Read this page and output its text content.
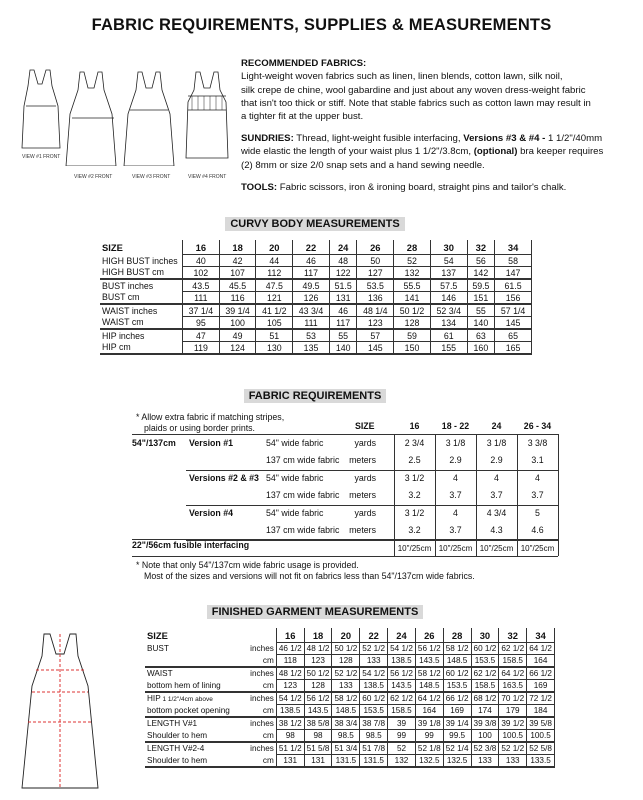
FABRIC REQUIREMENTS, SUPPLIES & MEASUREMENTS
VIEW #1 FRONT
VIEW #2 FRONT	VIEW #3 FRONT	VIEW #4 FRONT
RECOMMENDED FABRICS:
Light-weight woven fabrics such as linen, linen blends, cotton lawn, silk noil,
silk crepe de chine, wool gabardine and just about any woven dress-weight fabric
that isn't too thick or stiff. Note that stable fabrics such as cotton lawn may result in
a tighter fit at the upper bust.
SUNDRIES: Thread, light-weight fusible interfacing, Versions #3 & #4 - 1 1/2"/40mm
wide elastic the length of your waist plus 1 1/2"/3.8cm, (optional) bra keeper requires
(2) 8mm or size 2/0 snap sets and a hand sewing needle.
TOOLS: Fabric scissors, iron & ironing board, straight pins and tailor's chalk.
CURVY BODY MEASUREMENTS
SIZE	16	18	20	22	24	26	28	30	32	34
HIGH BUST inches	40	42	44	46	48	50	52	54	56	58
HIGH BUST cm	102	107	112	117	122	127	132	137	142	147
BUST inches	43.5	45.5	47.5	49.5	51.5	53.5	55.5	57.5	59.5	61.5
BUST cm	111	116	121	126	131	136	141	146	151	156
WAIST inches	37 1/4	39 1/4	41 1/2	43 3/4	46	48 1/4	50 1/2	52 3/4	55	57 1/4
WAIST cm	95	100	105	111	117	123	128	134	140	145
HIP inches	47	49	51	53	55	57	59	61	63	65
HIP cm	119	124	130	135	140	145	150	155	160	165
FABRIC REQUIREMENTS
* Allow extra fabric if matching stripes,
plaids or using border prints.	SIZE	16	18 - 22	24	26 - 34
54"/137cm Version #1	54" wide fabric	yards	2 3/4	3 1/8	3 1/8	3 3/8
137 cm wide fabric	meters	2.5	2.9	2.9	3.1
Versions #2 & #3 54" wide fabric	yards	3 1/2	4	4	4
137 cm wide fabric	meters	3.2	3.7	3.7	3.7
Version #4	54" wide fabric	yards	3 1/2	4	4 3/4	5
137 cm wide fabric	meters	3.2	3.7	4.3	4.6
22"/56cm fusible interfacing	10"/25cm 10"/25cm 10"/25cm 10"/25cm
* Note that only 54"/137cm wide fabric usage is provided.
Most of the sizes and versions will not fit on fabrics less than 54"/137cm wide fabrics.
FINISHED GARMENT MEASUREMENTS
SIZE		16	18	20	22	24	26	28	30	32	34
BUST	inches	46 1/2	48 1/2	50 1/2	52 1/2	54 1/2	56 1/2	58 1/2	60 1/2	62 1/2	64 1/2
	cm	118	123	128	133	138.5	143.5	148.5	153.5	158.5	164
WAIST	inches	48 1/2	50 1/2	52 1/2	54 1/2	56 1/2	58 1/2	60 1/2	62 1/2	64 1/2	66 1/2
bottom hem of lining	cm	123	128	133	138.5	143.5	148.5	153.5	158.5	163.5	169
HIP 1 1/2"/4cm above	inches	54 1/2	56 1/2	58 1/2	60 1/2	62 1/2	64 1/2	66 1/2	68 1/2	70 1/2	72 1/2
bottom pocket opening	cm	138.5	143.5	148.5	153.5	158.5	164	169	174	179	184
LENGTH V#1	inches	38 1/2	38 5/8	38 3/4	38 7/8	39	39 1/8	39 1/4	39 3/8	39 1/2	39 5/8
Shoulder to hem	cm	98	98	98.5	98.5	99	99	99.5	100	100.5	100.5
LENGTH V#2-4	inches	51 1/2	51 5/8	51 3/4	51 7/8	52	52 1/8	52 1/4	52 3/8	52 1/2	52 5/8
Shoulder to hem	cm	131	131	131.5	131.5	132	132.5	132.5	133	133	133.5
